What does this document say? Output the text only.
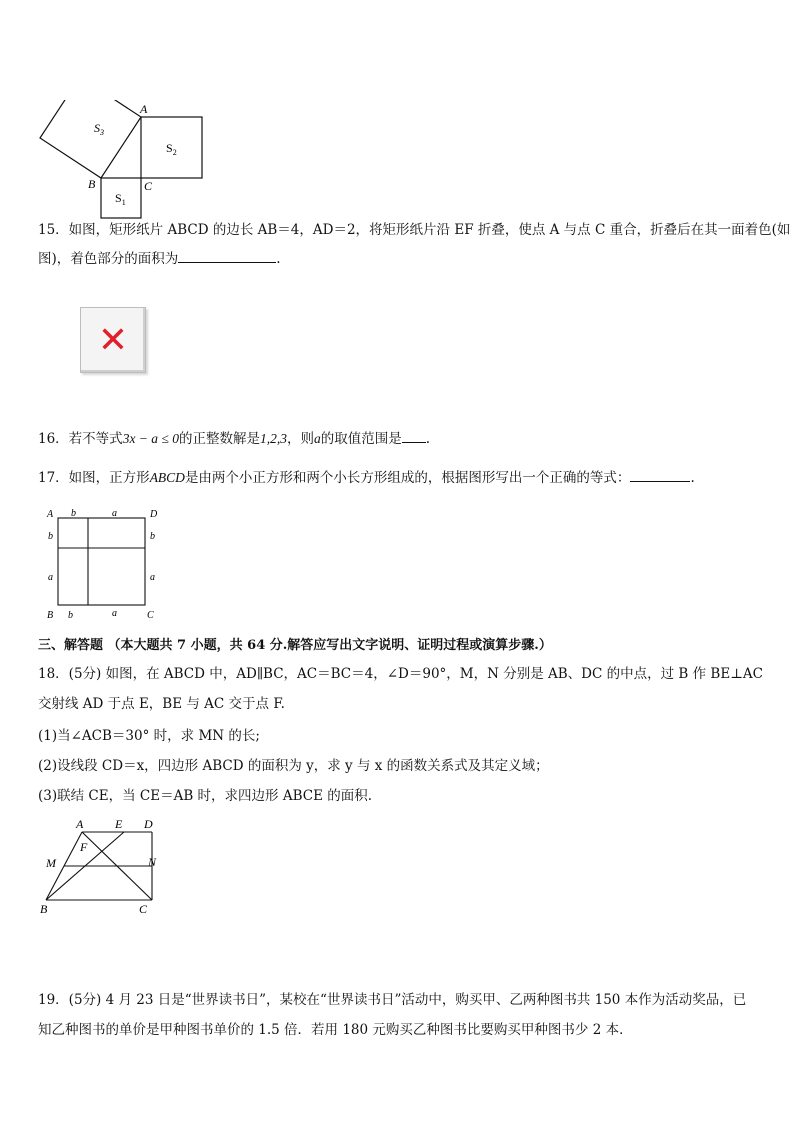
$S_3$
$S_2$
$S_1$
A
B	C
15．如图，矩形纸片 ABCD 的边长 AB＝4，AD＝2，将矩形纸片沿 EF 折叠，使点 A 与点 C 重合，折叠后在其一面着色(如
图)，着色部分的面积为	.
✕
16．若不等式3x − a ≤ 0的正整数解是1,2,3，则a的取值范围是 .
17．如图，正方形ABCD是由两个小正方形和两个小长方形组成的，根据图形写出一个正确的等式：	.
A	D
B	C
b	a
b	b
a	a
b	a
三、解答题 （本大题共 7 小题，共 64 分.解答应写出文字说明、证明过程或演算步骤.）
18．(5分) 如图，在 ABCD 中，AD∥BC，AC＝BC＝4，∠D＝90°，M，N 分别是 AB、DC 的中点，过 B 作 BE⊥AC
交射线 AD 于点 E，BE 与 AC 交于点 F.
(1)当∠ACB＝30° 时，求 MN 的长;
(2)设线段 CD＝x，四边形 ABCD 的面积为 y，求 y 与 x 的函数关系式及其定义域；
(3)联结 CE，当 CE＝AB 时，求四边形 ABCE 的面积.
A	E D
F
M	N
B	C
19．(5分) 4 月 23 日是“世界读书日”，某校在“世界读书日”活动中，购买甲、乙两种图书共 150 本作为活动奖品，已
知乙种图书的单价是甲种图书单价的 1.5 倍．若用 180 元购买乙种图书比要购买甲种图书少 2 本．
